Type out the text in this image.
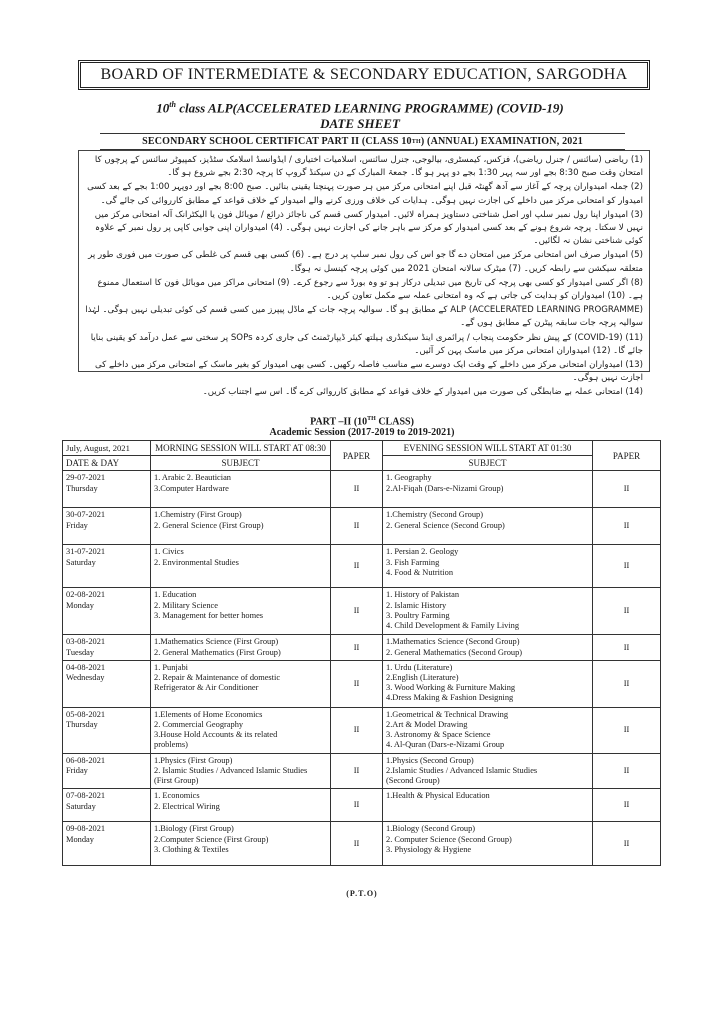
BOARD OF INTERMEDIATE & SECONDARY EDUCATION, SARGODHA
10th class ALP(ACCELERATED LEARNING PROGRAMME) (COVID-19)
DATE SHEET
SECONDARY SCHOOL CERTIFICAT PART II (CLASS 10 TH ) (ANNUAL) EXAMINATION, 2021

(1) ریاضی (سائنس / جنرل ریاضی)، فزکس، کیمسٹری، بیالوجی، جنرل سائنس، اسلامیات اختیاری / ایڈوانسڈ اسلامک سٹڈیز، کمپیوٹر سائنس کے پرچوں کا امتحان وقت صبح 8:30 بجے اور سہ پہر 1:30 بجے دو پہر ہو گا۔ جمعۃ المبارک کے دن سیکنڈ گروپ کا پرچہ 2:30 بجے شروع ہو گا۔

(2) جملہ امیدواران پرچہ کے آغاز سے آدھ گھنٹہ قبل اپنے امتحانی مرکز میں ہر صورت پہنچنا یقینی بنائیں۔ صبح 8:00 بجے اور دوپہر 1:00 بجے کے بعد کسی امیدوار کو امتحانی مرکز میں داخلے کی اجازت نہیں ہوگی۔ ہدایات کی خلاف ورزی کرنے والے امیدوار کے خلاف قواعد کے مطابق کارروائی کی جائے گی۔

(3) امیدوار اپنا رول نمبر سلپ اور اصل شناختی دستاویز ہمراہ لائیں۔ امیدوار کسی قسم کی ناجائز ذرائع / موبائل فون یا الیکٹرانک آلہ امتحانی مرکز میں نہیں لا سکتا۔ پرچہ شروع ہونے کے بعد کسی امیدوار کو مرکز سے باہر جانے کی اجازت نہیں ہوگی۔ (4) امیدواران اپنی جوابی کاپی پر رول نمبر کے علاوہ کوئی شناختی نشان نہ لگائیں۔

(5) امیدوار صرف اس امتحانی مرکز میں امتحان دے گا جو اس کی رول نمبر سلپ پر درج ہے۔ (6) کسی بھی قسم کی غلطی کی صورت میں فوری طور پر متعلقہ سیکشن سے رابطہ کریں۔ (7) میٹرک سالانہ امتحان 2021 میں کوئی پرچہ کینسل نہ ہوگا۔

(8) اگر کسی امیدوار کو کسی بھی پرچہ کی تاریخ میں تبدیلی درکار ہو تو وہ بورڈ سے رجوع کرے۔ (9) امتحانی مراکز میں موبائل فون کا استعمال ممنوع ہے۔ (10) امیدواران کو ہدایت کی جاتی ہے کہ وہ امتحانی عملہ سے مکمل تعاون کریں۔

(ACCELERATED LEARNING PROGRAMME) ALP کے مطابق ہو گا۔ سوالیہ پرچہ جات کے ماڈل پیپرز میں کسی قسم کی کوئی تبدیلی نہیں ہوگی۔ لہٰذا سوالیہ پرچہ جات سابقہ پیٹرن کے مطابق ہوں گے۔

(11) (COVID-19) کے پیش نظر حکومت پنجاب / پرائمری اینڈ سیکنڈری ہیلتھ کیئر ڈیپارٹمنٹ کی جاری کردہ SOPs پر سختی سے عمل درآمد کو یقینی بنایا جائے گا۔ (12) امیدواران امتحانی مرکز میں ماسک پہن کر آئیں۔

(13) امیدواران امتحانی مرکز میں داخلے کے وقت ایک دوسرے سے مناسب فاصلہ رکھیں۔ کسی بھی امیدوار کو بغیر ماسک کے امتحانی مرکز میں داخلے کی اجازت نہیں ہوگی۔

(14) امتحانی عملہ بے ضابطگی کی صورت میں امیدوار کے خلاف قواعد کے مطابق کارروائی کرے گا۔ اس سے اجتناب کریں۔

PART –II (10TH CLASS)
Academic Session (2017-2019 to 2019-2021)
July, August, 2021	MORNING SESSION WILL START AT 08:30	PAPER	EVENING SESSION WILL START AT 01:30	PAPER
DATE & DAY	SUBJECT		SUBJECT	

29-07-2021
Thursday	1. Arabic 2. Beautician
3.Computer Hardware	II	1. Geography
2.Al-Fiqah (Dars-e-Nizami Group)	II

30-07-2021
Friday	1.Chemistry (First Group)
2. General Science (First Group)	II	1.Chemistry (Second Group)
2. General Science (Second Group)	II

31-07-2021
Saturday	1. Civics
2. Environmental Studies	II	1. Persian 2. Geology
3. Fish Farming
4. Food & Nutrition	II

02-08-2021
Monday	1. Education
2. Military Science
3. Management for better homes	II	1. History of Pakistan
2. Islamic History
3. Poultry Farming
4. Child Development & Family Living	II

03-08-2021
Tuesday	1.Mathematics Science (First Group)
2. General Mathematics (First Group)	II	1.Mathematics Science (Second Group)
2. General Mathematics (Second Group)	II

04-08-2021
Wednesday	1. Punjabi
2. Repair & Maintenance of domestic
Refrigerator & Air Conditioner	II	1. Urdu (Literature)
2.English (Literature)
3. Wood Working & Furniture Making
4.Dress Making & Fashion Designing	II

05-08-2021
Thursday	1.Elements of Home Economics
2. Commercial Geography
3.House Hold Accounts & its related
problems)	II	1.Geometrical & Technical Drawing
2.Art & Model Drawing
3. Astronomy & Space Science
4. Al-Quran (Dars-e-Nizami Group	II

06-08-2021
Friday	1.Physics (First Group)
2. Islamic Studies / Advanced Islamic Studies
(First Group)	II	1.Physics (Second Group)
2.Islamic Studies / Advanced Islamic Studies
(Second Group)	II

07-08-2021
Saturday	1. Economics
2. Electrical Wiring	II	1.Health & Physical Education	II

09-08-2021
Monday	1.Biology (First Group)
2.Computer Science (First Group)
3. Clothing & Textiles	II	1.Biology (Second Group)
2. Computer Science (Second Group)
3. Physiology & Hygiene	II
(P.T.O)
